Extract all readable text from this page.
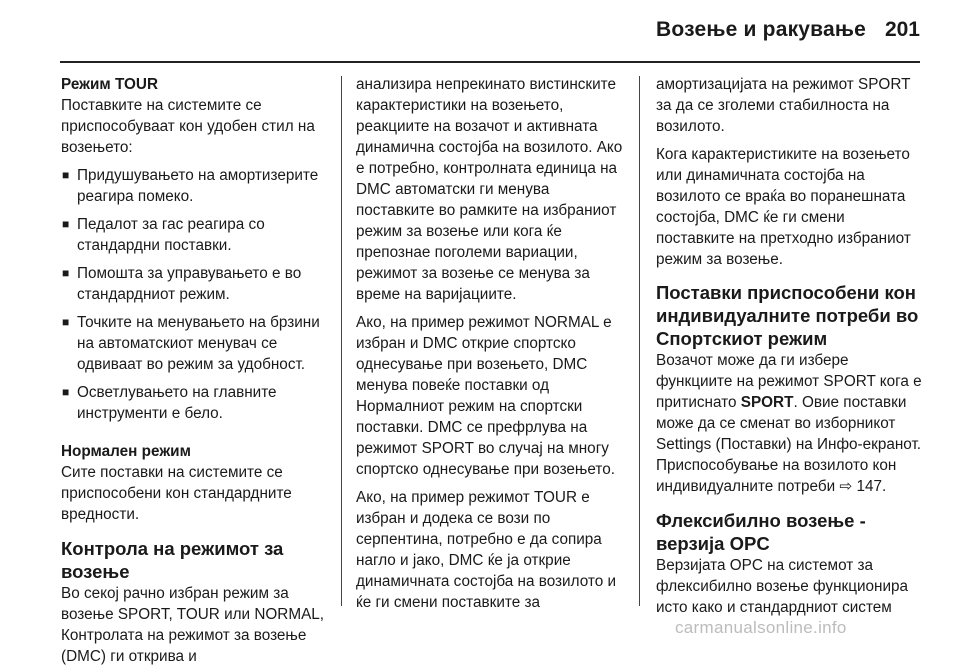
Возење и ракување 201
Режим TOUR
Поставките на системите се приспособуваат кон удобен стил на возењето:
■ Придушувањето на амортизерите реагира помеко.
■ Педалот за гас реагира со стандардни поставки.
■ Помошта за управувањето е во стандардниот режим.
■ Точките на менувањето на брзини на автоматскиот менувач се одвиваат во режим за удобност.
■ Осветлувањето на главните инструменти е бело.
Нормален режим

Сите поставки на системите се приспособени кон стандардните вредности.

Контрола на режимот за возење
Во секој рачно избран режим за возење SPORT, TOUR или NORMAL, Контролата на режимот за возење (DMC) ги открива и

анализира непрекинато вистинските карактеристики на возењето, реакциите на возачот и активната динамична состојба на возилото. Ако е потребно, контролната единица на DMC автоматски ги менува поставките во рамките на избраниот режим за возење или кога ќе препознае поголеми вариации, режимот за возење се менува за време на варијациите.

Ако, на пример режимот NORMAL е избран и DMC открие спортско однесување при возењето, DMC менува повеќе поставки од Нормалниот режим на спортски поставки. DMC се префрлува на режимот SPORT во случај на многу спортско однесување при возењето.

Ако, на пример режимот TOUR е избран и додека се вози по серпентина, потребно е да сопира нагло и јако, DMC ќе ја открие динамичната состојба на возилото и ќе ги смени поставките за

амортизацијата на режимот SPORT за да се зголеми стабилноста на возилото.

Кога карактеристиките на возењето или динамичната состојба на возилото се враќа во поранешната состојба, DMC ќе ги смени поставките на претходно избраниот режим за возење.

Поставки приспособени кон индивидуалните потреби во Спортскиот режим

Возачот може да ги избере функциите на режимот SPORT кога е притиснато SPORT. Овие поставки може да се сменат во изборникот Settings (Поставки) на Инфо-екранот. Приспособување на возилото кон индивидуалните потреби ⇨ 147.

Флексибилно возење - верзија OPC
Верзијата OPC на системот за флексибилно возење функционира исто како и стандардниот систем
carmanualsonline.info
